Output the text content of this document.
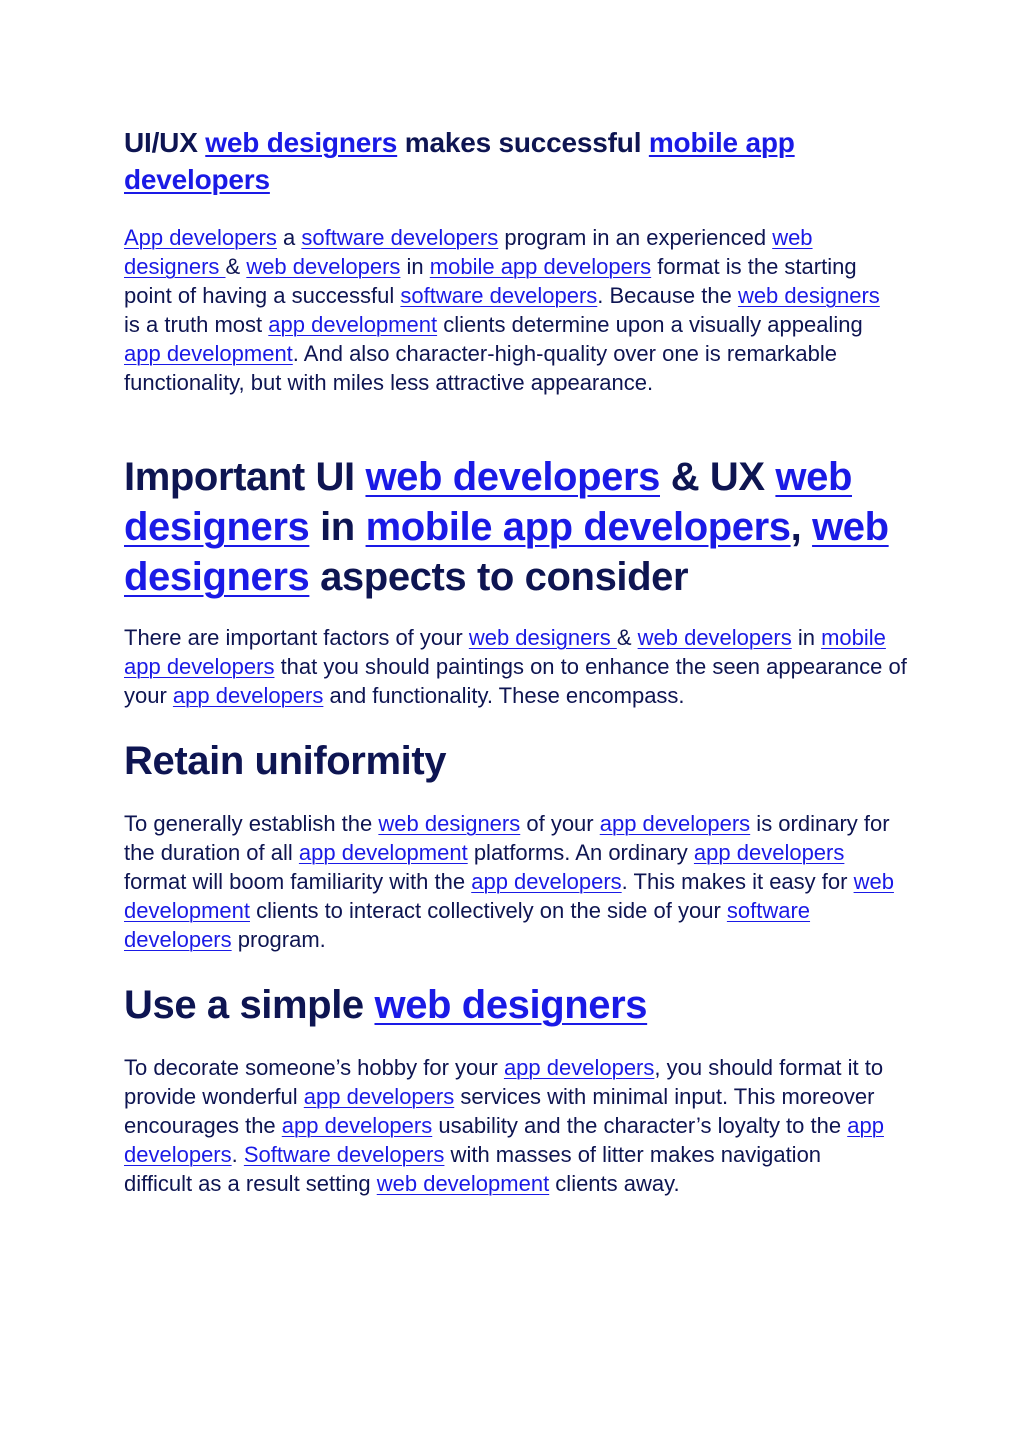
UI/UX web designers makes successful mobile app developers

App developers a software developers program in an experienced web designers & web developers in mobile app developers format is the starting point of having a successful software developers. Because the web designers is a truth most app development clients determine upon a visually appealing app development. And also character-high-quality over one is remarkable functionality, but with miles less attractive appearance.

Important UI web developers & UX web designers in mobile app developers, web designers aspects to consider

There are important factors of your web designers & web developers in mobile app developers that you should paintings on to enhance the seen appearance of your app developers and functionality. These encompass.

Retain uniformity

To generally establish the web designers of your app developers is ordinary for the duration of all app development platforms. An ordinary app developers format will boom familiarity with the app developers. This makes it easy for web development clients to interact collectively on the side of your software developers program.

Use a simple web designers

To decorate someone’s hobby for your app developers, you should format it to provide wonderful app developers services with minimal input. This moreover encourages the app developers usability and the character’s loyalty to the app developers. Software developers with masses of litter makes navigation difficult as a result setting web development clients away.
